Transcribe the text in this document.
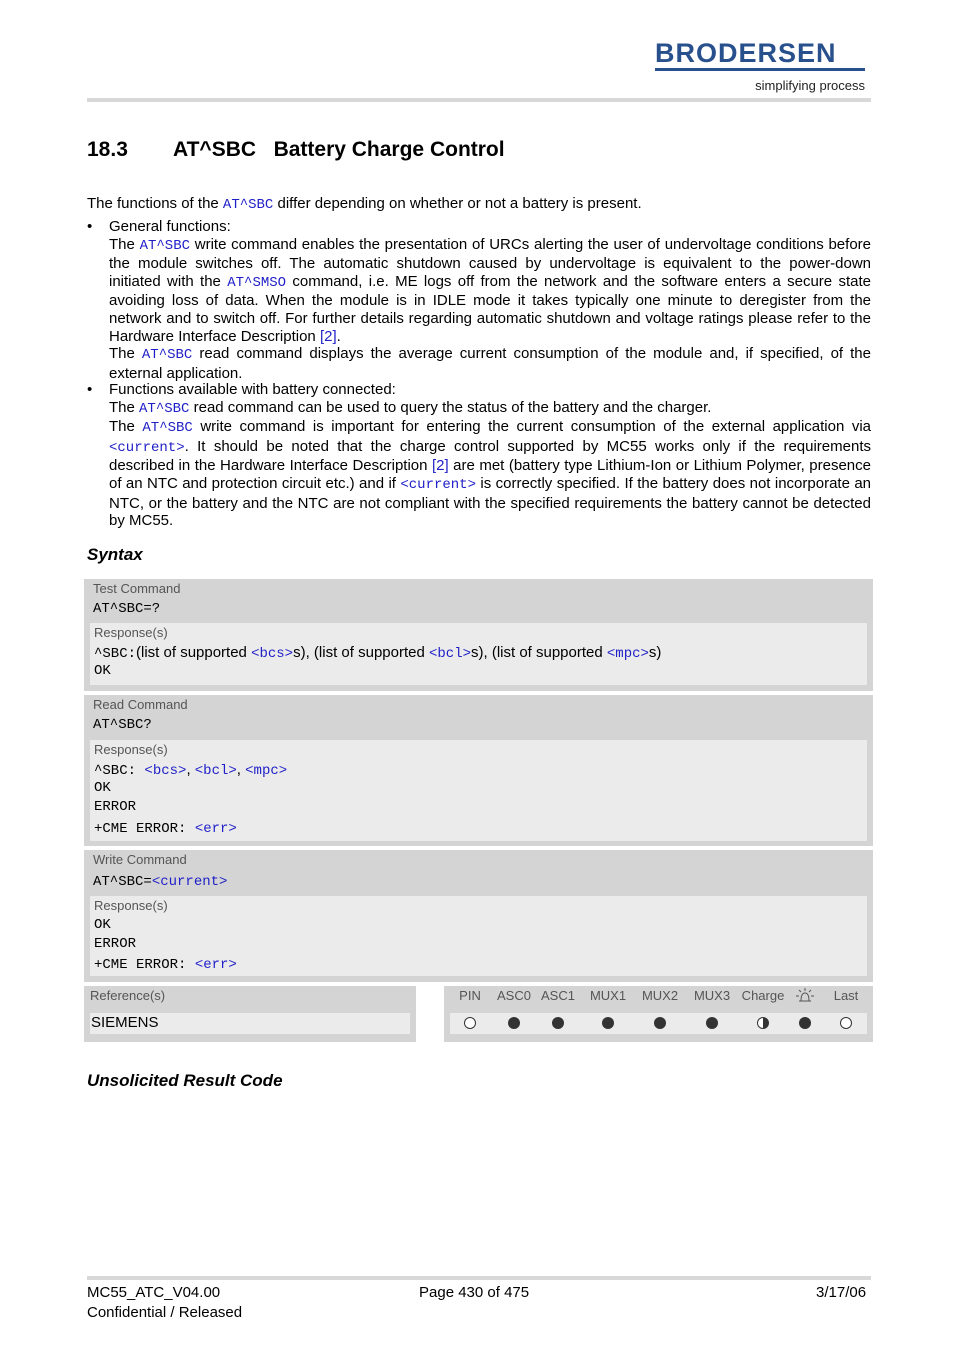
BRODERSEN
simplifying process
18.3 AT^SBC Battery Charge Control
The functions of the AT^SBC differ depending on whether or not a battery is present.
• General functions:
The AT^SBC write command enables the presentation of URCs alerting the user of undervoltage conditions before the module switches off. The automatic shutdown caused by undervoltage is equivalent to the power-down initiated with the AT^SMSO command, i.e. ME logs off from the network and the software enters a secure state avoiding loss of data. When the module is in IDLE mode it takes typically one minute to deregister from the network and to switch off. For further details regarding automatic shutdown and voltage ratings please refer to the Hardware Interface Description [2].
The AT^SBC read command displays the average current consumption of the module and, if specified, of the external application.
• Functions available with battery connected:
The AT^SBC read command can be used to query the status of the battery and the charger.
The AT^SBC write command is important for entering the current consumption of the external application via <current>. It should be noted that the charge control supported by MC55 works only if the requirements described in the Hardware Interface Description [2] are met (battery type Lithium-Ion or Lithium Polymer, presence of an NTC and protection circuit etc.) and if <current> is correctly specified. If the battery does not incorporate an NTC, or the battery and the NTC are not compliant with the specified requirements the battery cannot be detected by MC55.
Syntax
Test Command
AT^SBC=?
Response(s)
^SBC:(list of supported <bcs>s), (list of supported <bcl>s), (list of supported <mpc>s)
OK
Read Command
AT^SBC?
Response(s)
^SBC: <bcs>, <bcl>, <mpc>
OK
ERROR
+CME ERROR: <err>
Write Command
AT^SBC=<current>
Response(s)
OK
ERROR
+CME ERROR: <err>
Reference(s)
SIEMENS
PIN ASC0 ASC1 MUX1 MUX2 MUX3 Charge	Last
Unsolicited Result Code
MC55_ATC_V04.00
Confidential / Released
Page 430 of 475	3/17/06
